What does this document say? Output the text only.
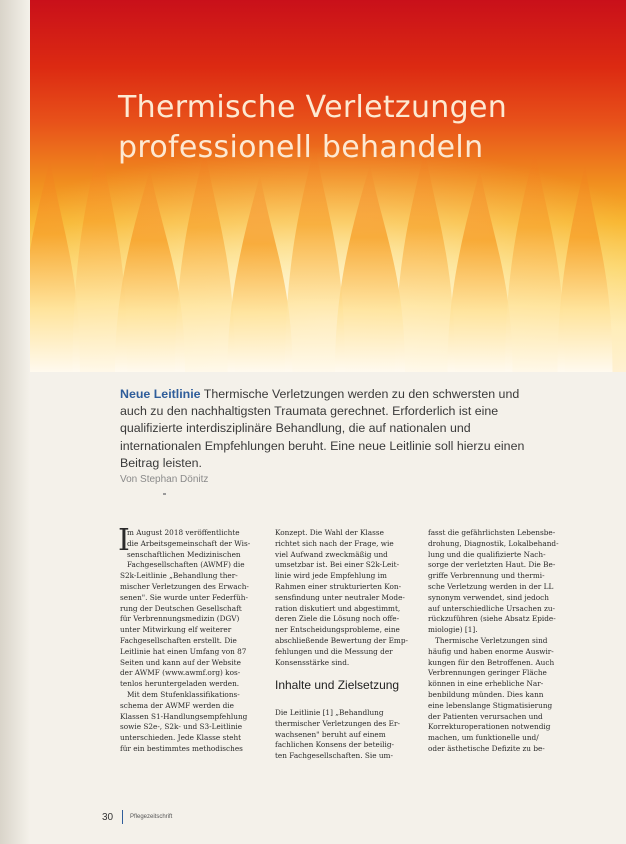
Thermische Verletzungen
professionell behandeln
Neue Leitlinie Thermische Verletzungen werden zu den schwersten und auch zu den nachhaltigsten Traumata gerechnet. Erforderlich ist eine qualifizierte interdisziplinäre Behandlung, die auf nationalen und internationalen Empfehlungen beruht. Eine neue Leitlinie soll hierzu einen Beitrag leisten.
Von Stephan Dönitz
I
m August 2018 veröffentlichte
die Arbeitsgemeinschaft der Wis-
senschaftlichen Medizinischen
Fachgesellschaften (AWMF) die
S2k-Leitlinie „Behandlung ther-
mischer Verletzungen des Erwach-
senen". Sie wurde unter Federfüh-
rung der Deutschen Gesellschaft
für Verbrennungsmedizin (DGV)
unter Mitwirkung elf weiterer
Fachgesellschaften erstellt. Die
Leitlinie hat einen Umfang von 87
Seiten und kann auf der Website
der AWMF (www.awmf.org) kos-
tenlos heruntergeladen werden.
Mit dem Stufenklassifikations-
schema der AWMF werden die
Klassen S1-Handlungsempfehlung
sowie S2e-, S2k- und S3-Leitlinie
unterschieden. Jede Klasse steht
für ein bestimmtes methodisches
Konzept. Die Wahl der Klasse
richtet sich nach der Frage, wie
viel Aufwand zweckmäßig und
umsetzbar ist. Bei einer S2k-Leit-
linie wird jede Empfehlung im
Rahmen einer strukturierten Kon-
sensfindung unter neutraler Mode-
ration diskutiert und abgestimmt,
deren Ziele die Lösung noch offe-
ner Entscheidungsprobleme, eine
abschließende Bewertung der Emp-
fehlungen und die Messung der
Konsensstärke sind.
Inhalte und Zielsetzung
Die Leitlinie [1] „Behandlung
thermischer Verletzungen des Er-
wachsenen" beruht auf einem
fachlichen Konsens der beteilig-
ten Fachgesellschaften. Sie um-
fasst die gefährlichsten Lebensbe-
drohung, Diagnostik, Lokalbehand-
lung und die qualifizierte Nach-
sorge der verletzten Haut. Die Be-
griffe Verbrennung und thermi-
sche Verletzung werden in der LL
synonym verwendet, sind jedoch
auf unterschiedliche Ursachen zu-
rückzuführen (siehe Absatz Epide-
miologie) [1].
Thermische Verletzungen sind
häufig und haben enorme Auswir-
kungen für den Betroffenen. Auch
Verbrennungen geringer Fläche
können in eine erhebliche Nar-
benbildung münden. Dies kann
eine lebenslange Stigmatisierung
der Patienten verursachen und
Korrekturoperationen notwendig
machen, um funktionelle und/
oder ästhetische Defizite zu be-
30	Pflegezeitschrift
